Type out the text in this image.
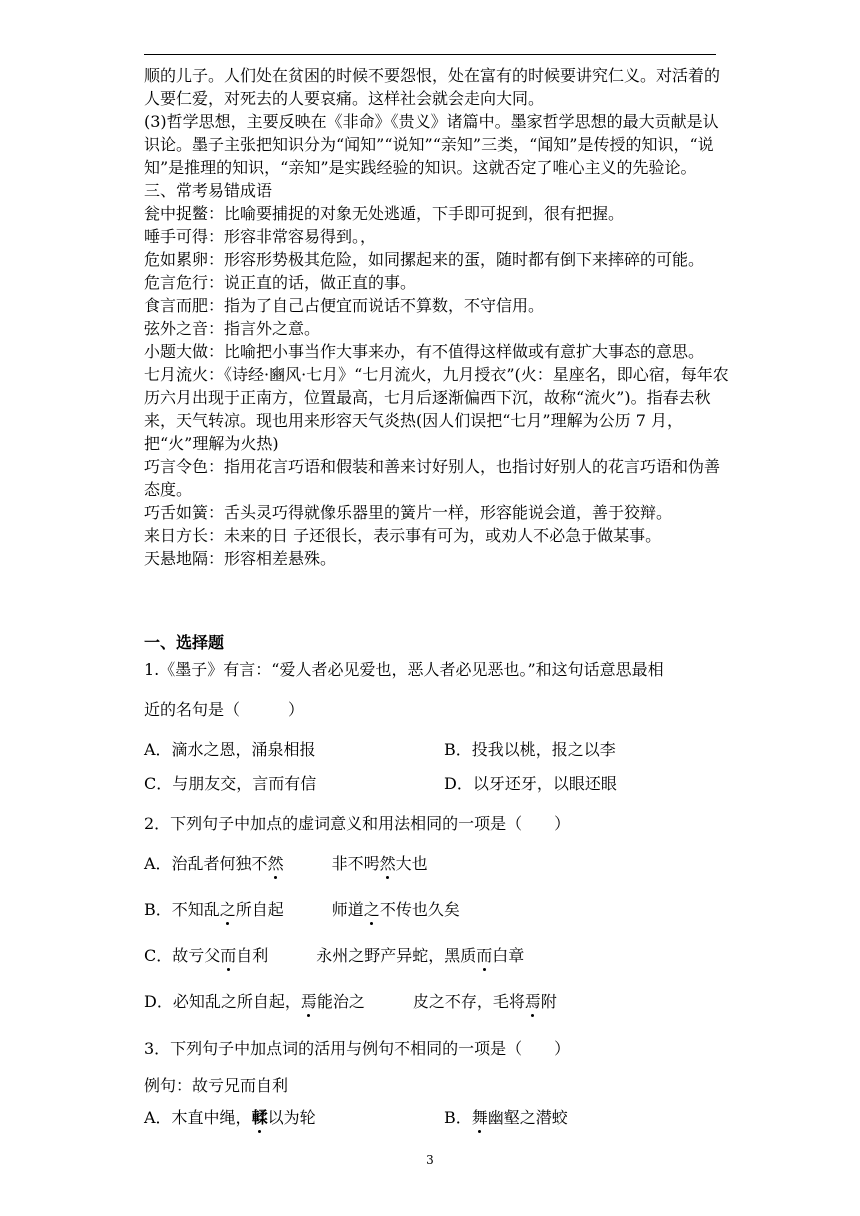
顺的儿子。人们处在贫困的时候不要怨恨，处在富有的时候要讲究仁义。对活着的人要仁爱，对死去的人要哀痛。这样社会就会走向大同。

(3)哲学思想，主要反映在《非命》《贵义》诸篇中。墨家哲学思想的最大贡献是认识论。墨子主张把知识分为“闻知”“说知”“亲知”三类，“闻知”是传授的知识，“说知”是推理的知识，“亲知”是实践经验的知识。这就否定了唯心主义的先验论。

三、常考易错成语

瓮中捉鳖：比喻要捕捉的对象无处逃遁，下手即可捉到，很有把握。

唾手可得：形容非常容易得到。，

危如累卵：形容形势极其危险，如同摞起来的蛋，随时都有倒下来摔碎的可能。

危言危行：说正直的话，做正直的事。

食言而肥：指为了自己占便宜而说话不算数，不守信用。

弦外之音：指言外之意。

小题大做：比喻把小事当作大事来办，有不值得这样做或有意扩大事态的意思。

七月流火：《诗经·豳风·七月》“七月流火，九月授衣”(火：星座名，即心宿，每年农历六月出现于正南方，位置最高，七月后逐渐偏西下沉，故称“流火”)。指春去秋来，天气转凉。现也用来形容天气炎热(因人们误把“七月”理解为公历 7 月，把“火”理解为火热)

巧言令色：指用花言巧语和假装和善来讨好别人，也指讨好别人的花言巧语和伪善态度。

巧舌如簧：舌头灵巧得就像乐器里的簧片一样，形容能说会道，善于狡辩。

来日方长：未来的日 子还很长，表示事有可为，或劝人不必急于做某事。

天悬地隔：形容相差悬殊。

一、选择题
1.《墨子》有言：“爱人者必见爱也，恶人者必见恶也。”和这句话意思最相
近的名句是（　　　）
A．滴水之恩，涌泉相报	B．投我以桃，报之以李
C．与朋友交，言而有信	D．以牙还牙，以眼还眼
2．下列句子中加点的虚词意义和用法相同的一项是（　　）
A．治乱者何独不然　　　非不呺然大也
B．不知乱之所自起　　　师道之不传也久矣
C．故亏父而自利　　　永州之野产异蛇，黑质而白章
D．必知乱之所自起，焉能治之　　　皮之不存，毛将焉附
3．下列句子中加点词的活用与例句不相同的一项是（　　）
例句：故亏兄而自利
A．木直中绳，輮以为轮	B．舞幽壑之潜蛟
3
